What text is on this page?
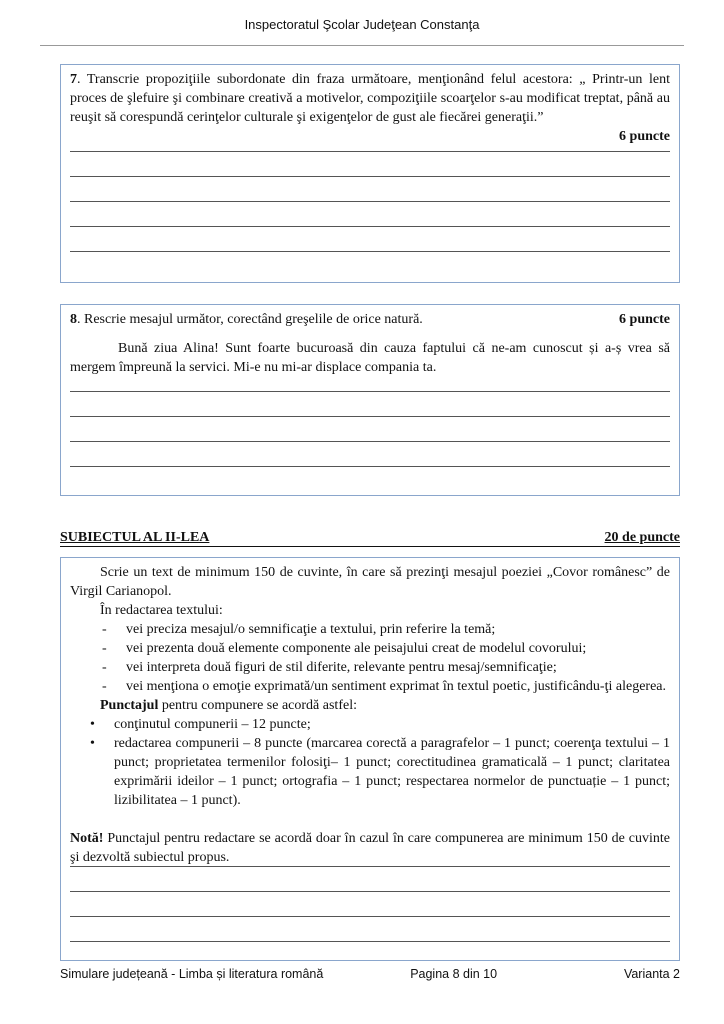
Inspectoratul Şcolar Judeţean Constanţa
7. Transcrie propoziţiile subordonate din fraza următoare, menţionând felul acestora: „ Printr-un lent proces de şlefuire şi combinare creativă a motivelor, compoziţiile scoarţelor s-au modificat treptat, până au reuşit să corespundă cerinţelor culturale şi exigenţelor de gust ale fiecărei generaţii.”
6 puncte
8. Rescrie mesajul următor, corectând greşelile de orice natură.	6 puncte
Bună ziua Alina! Sunt foarte bucuroasă din cauza faptului că ne-am cunoscut și a-ș vrea să mergem împreună la servici. Mi-e nu mi-ar displace compania ta.
SUBIECTUL AL II-LEA	20 de puncte
Scrie un text de minimum 150 de cuvinte, în care să prezinţi mesajul poeziei „Covor românesc” de Virgil Carianopol.
În redactarea textului:
-	vei preciza mesajul/o semnificaţie a textului, prin referire la temă;
-	vei prezenta două elemente componente ale peisajului creat de modelul covorului;
-	vei interpreta două figuri de stil diferite, relevante pentru mesaj/semnificaţie;
-	vei menţiona o emoţie exprimată/un sentiment exprimat în textul poetic, justificându-ţi alegerea.
Punctajul pentru compunere se acordă astfel:
•	conţinutul compunerii – 12 puncte;
•	redactarea compunerii – 8 puncte (marcarea corectă a paragrafelor – 1 punct; coerenţa textului – 1 punct; proprietatea termenilor folosiţi– 1 punct; corectitudinea gramaticală – 1 punct; claritatea exprimării ideilor – 1 punct; ortografia – 1 punct; respectarea normelor de punctuație – 1 punct; lizibilitatea – 1 punct).
Notă! Punctajul pentru redactare se acordă doar în cazul în care compunerea are minimum 150 de cuvinte şi dezvoltă subiectul propus.
Simulare județeană - Limba și literatura română	Pagina 8 din 10	Varianta 2
